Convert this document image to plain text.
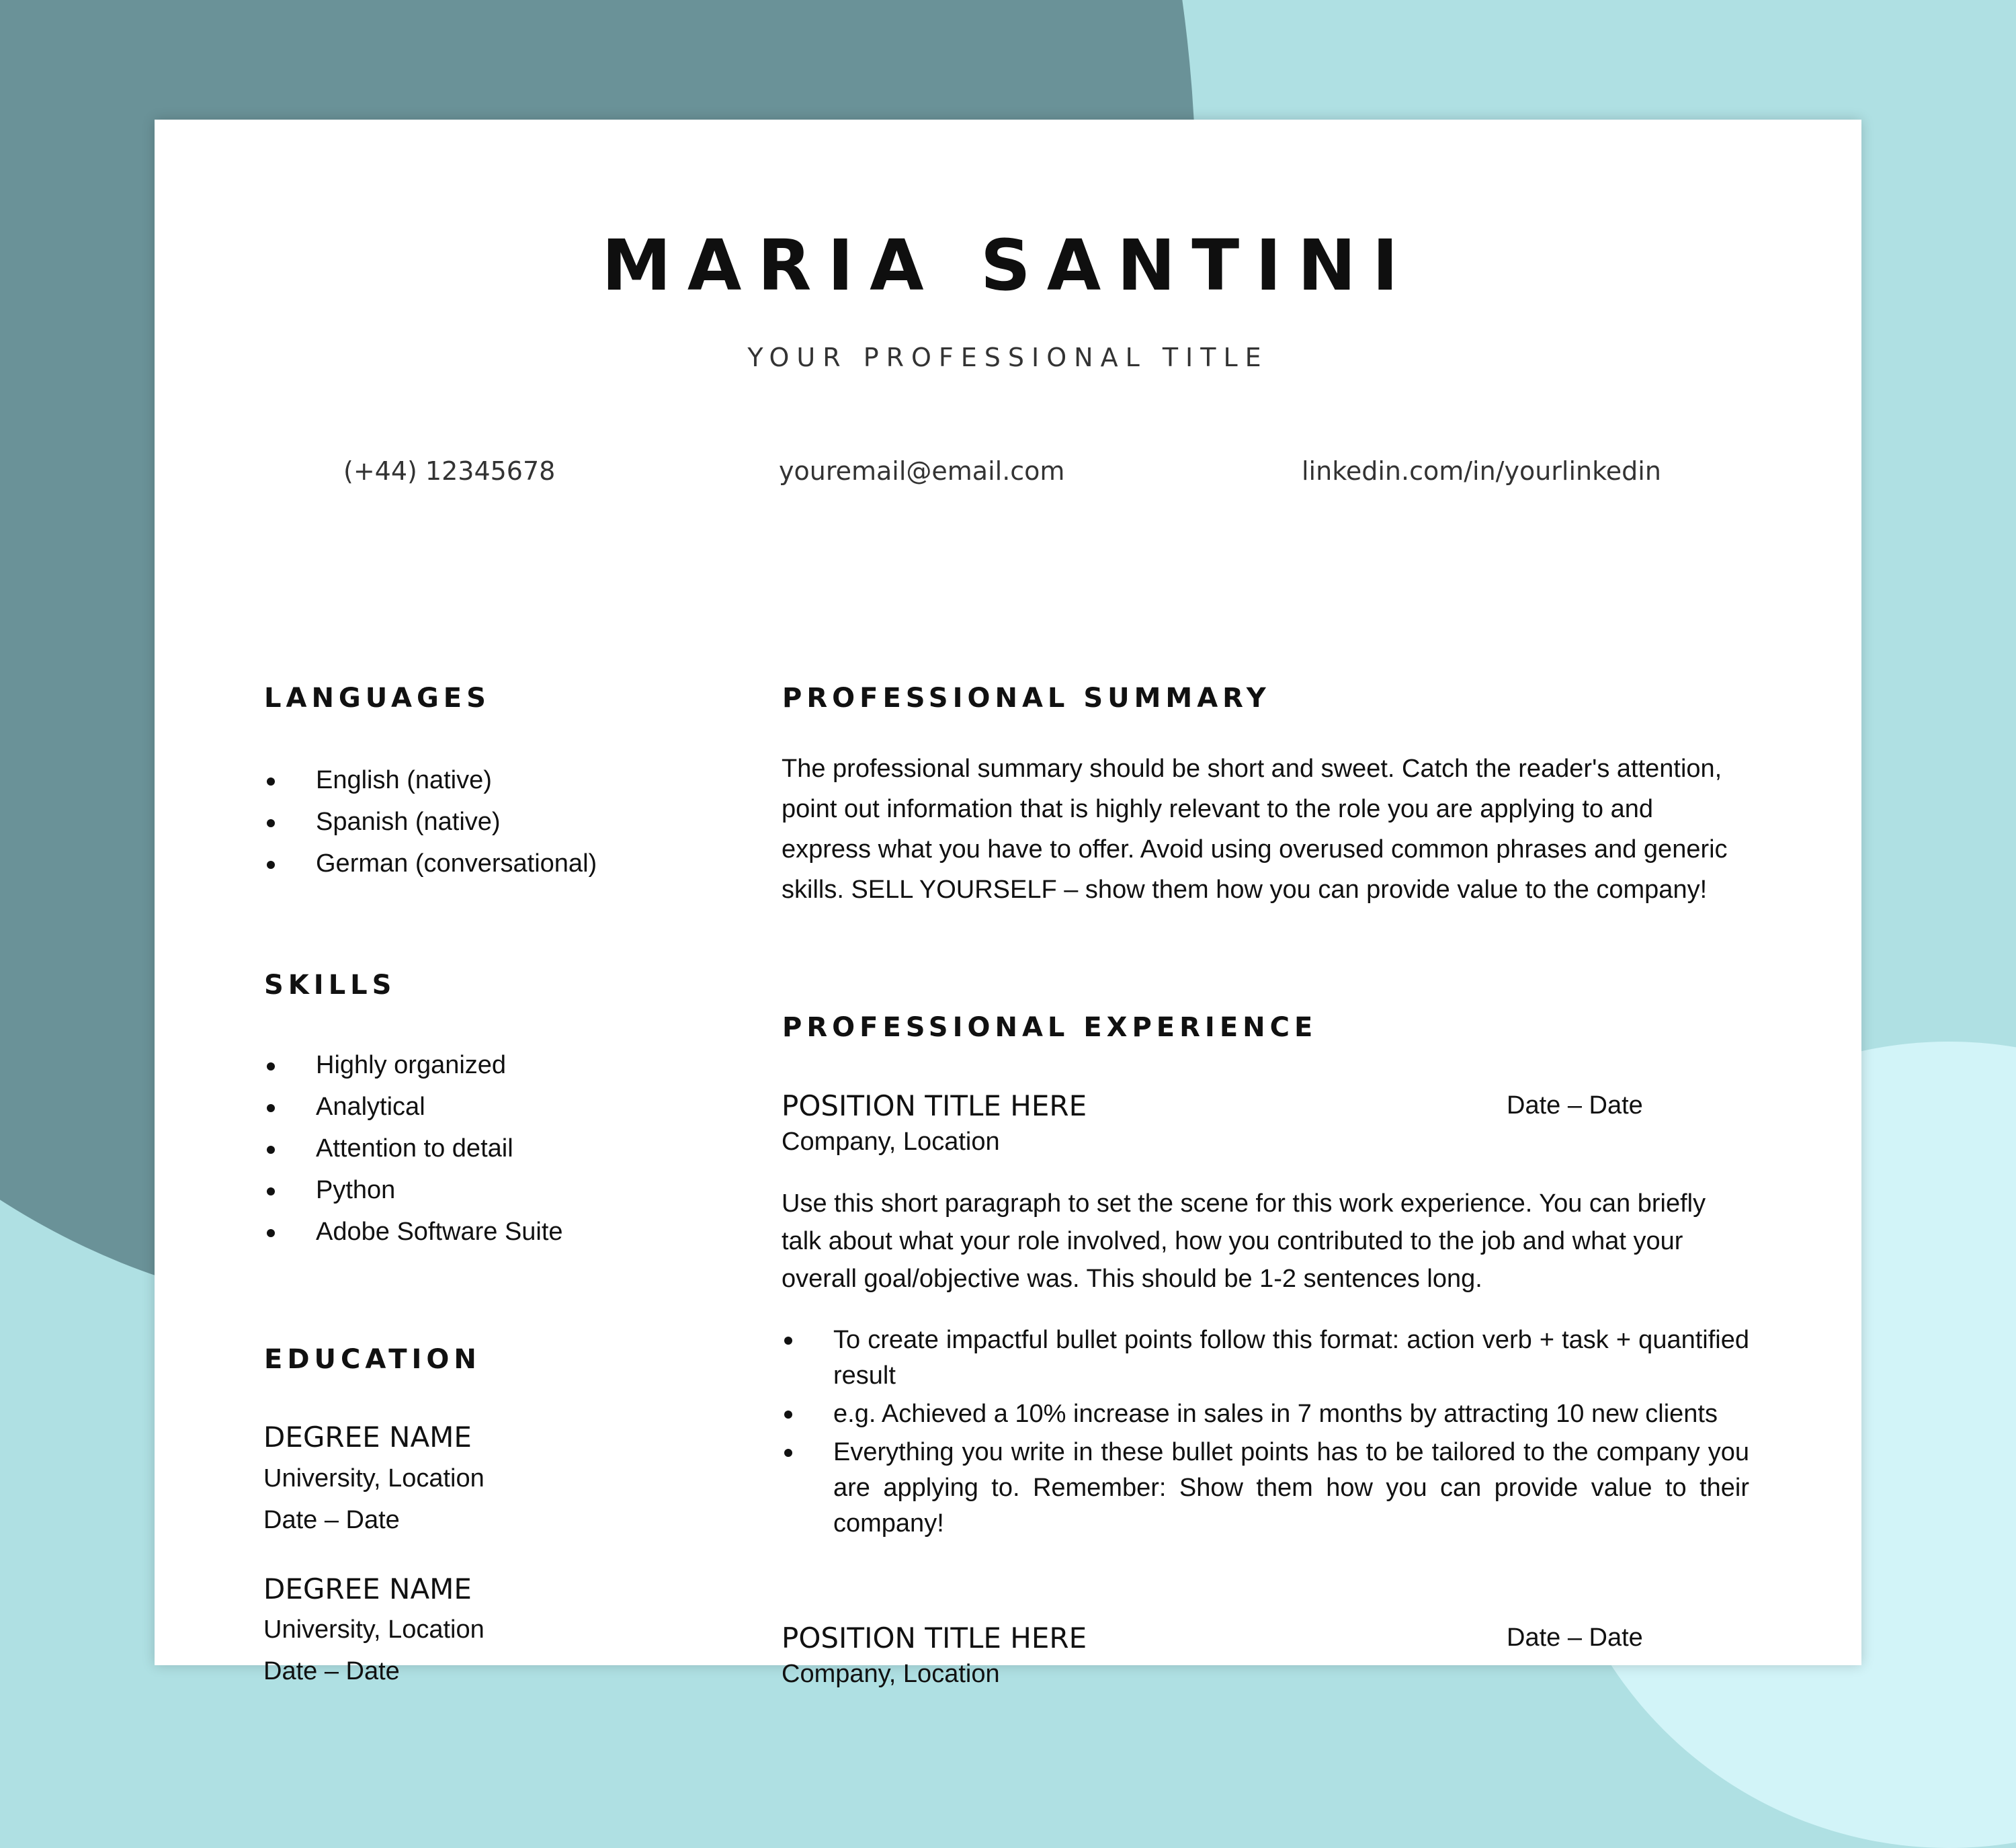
MARIA SANTINI
YOUR PROFESSIONAL TITLE
(+44) 12345678	youremail@email.com	linkedin.com/in/yourlinkedin
LANGUAGES
English (native)
Spanish (native)
German (conversational)
SKILLS
Highly organized
Analytical
Attention to detail
Python
Adobe Software Suite
EDUCATION
DEGREE NAME
University, Location
Date – Date
DEGREE NAME
University, Location
Date – Date
PROFESSIONAL SUMMARY

The professional summary should be short and sweet. Catch the reader's attention, point out information that is highly relevant to the role you are applying to and express what you have to offer. Avoid using overused common phrases and generic skills. SELL YOURSELF – show them how you can provide value to the company!

PROFESSIONAL EXPERIENCE
POSITION TITLE HERE	Date – Date
Company, Location

Use this short paragraph to set the scene for this work experience. You can briefly talk about what your role involved, how you contributed to the job and what your overall goal/objective was. This should be 1-2 sentences long.

To create impactful bullet points follow this format: action verb + task + quantified result
e.g. Achieved a 10% increase in sales in 7 months by attracting 10 new clients
Everything you write in these bullet points has to be tailored to the company you are applying to. Remember: Show them how you can provide value to their company!
POSITION TITLE HERE	Date – Date
Company, Location
